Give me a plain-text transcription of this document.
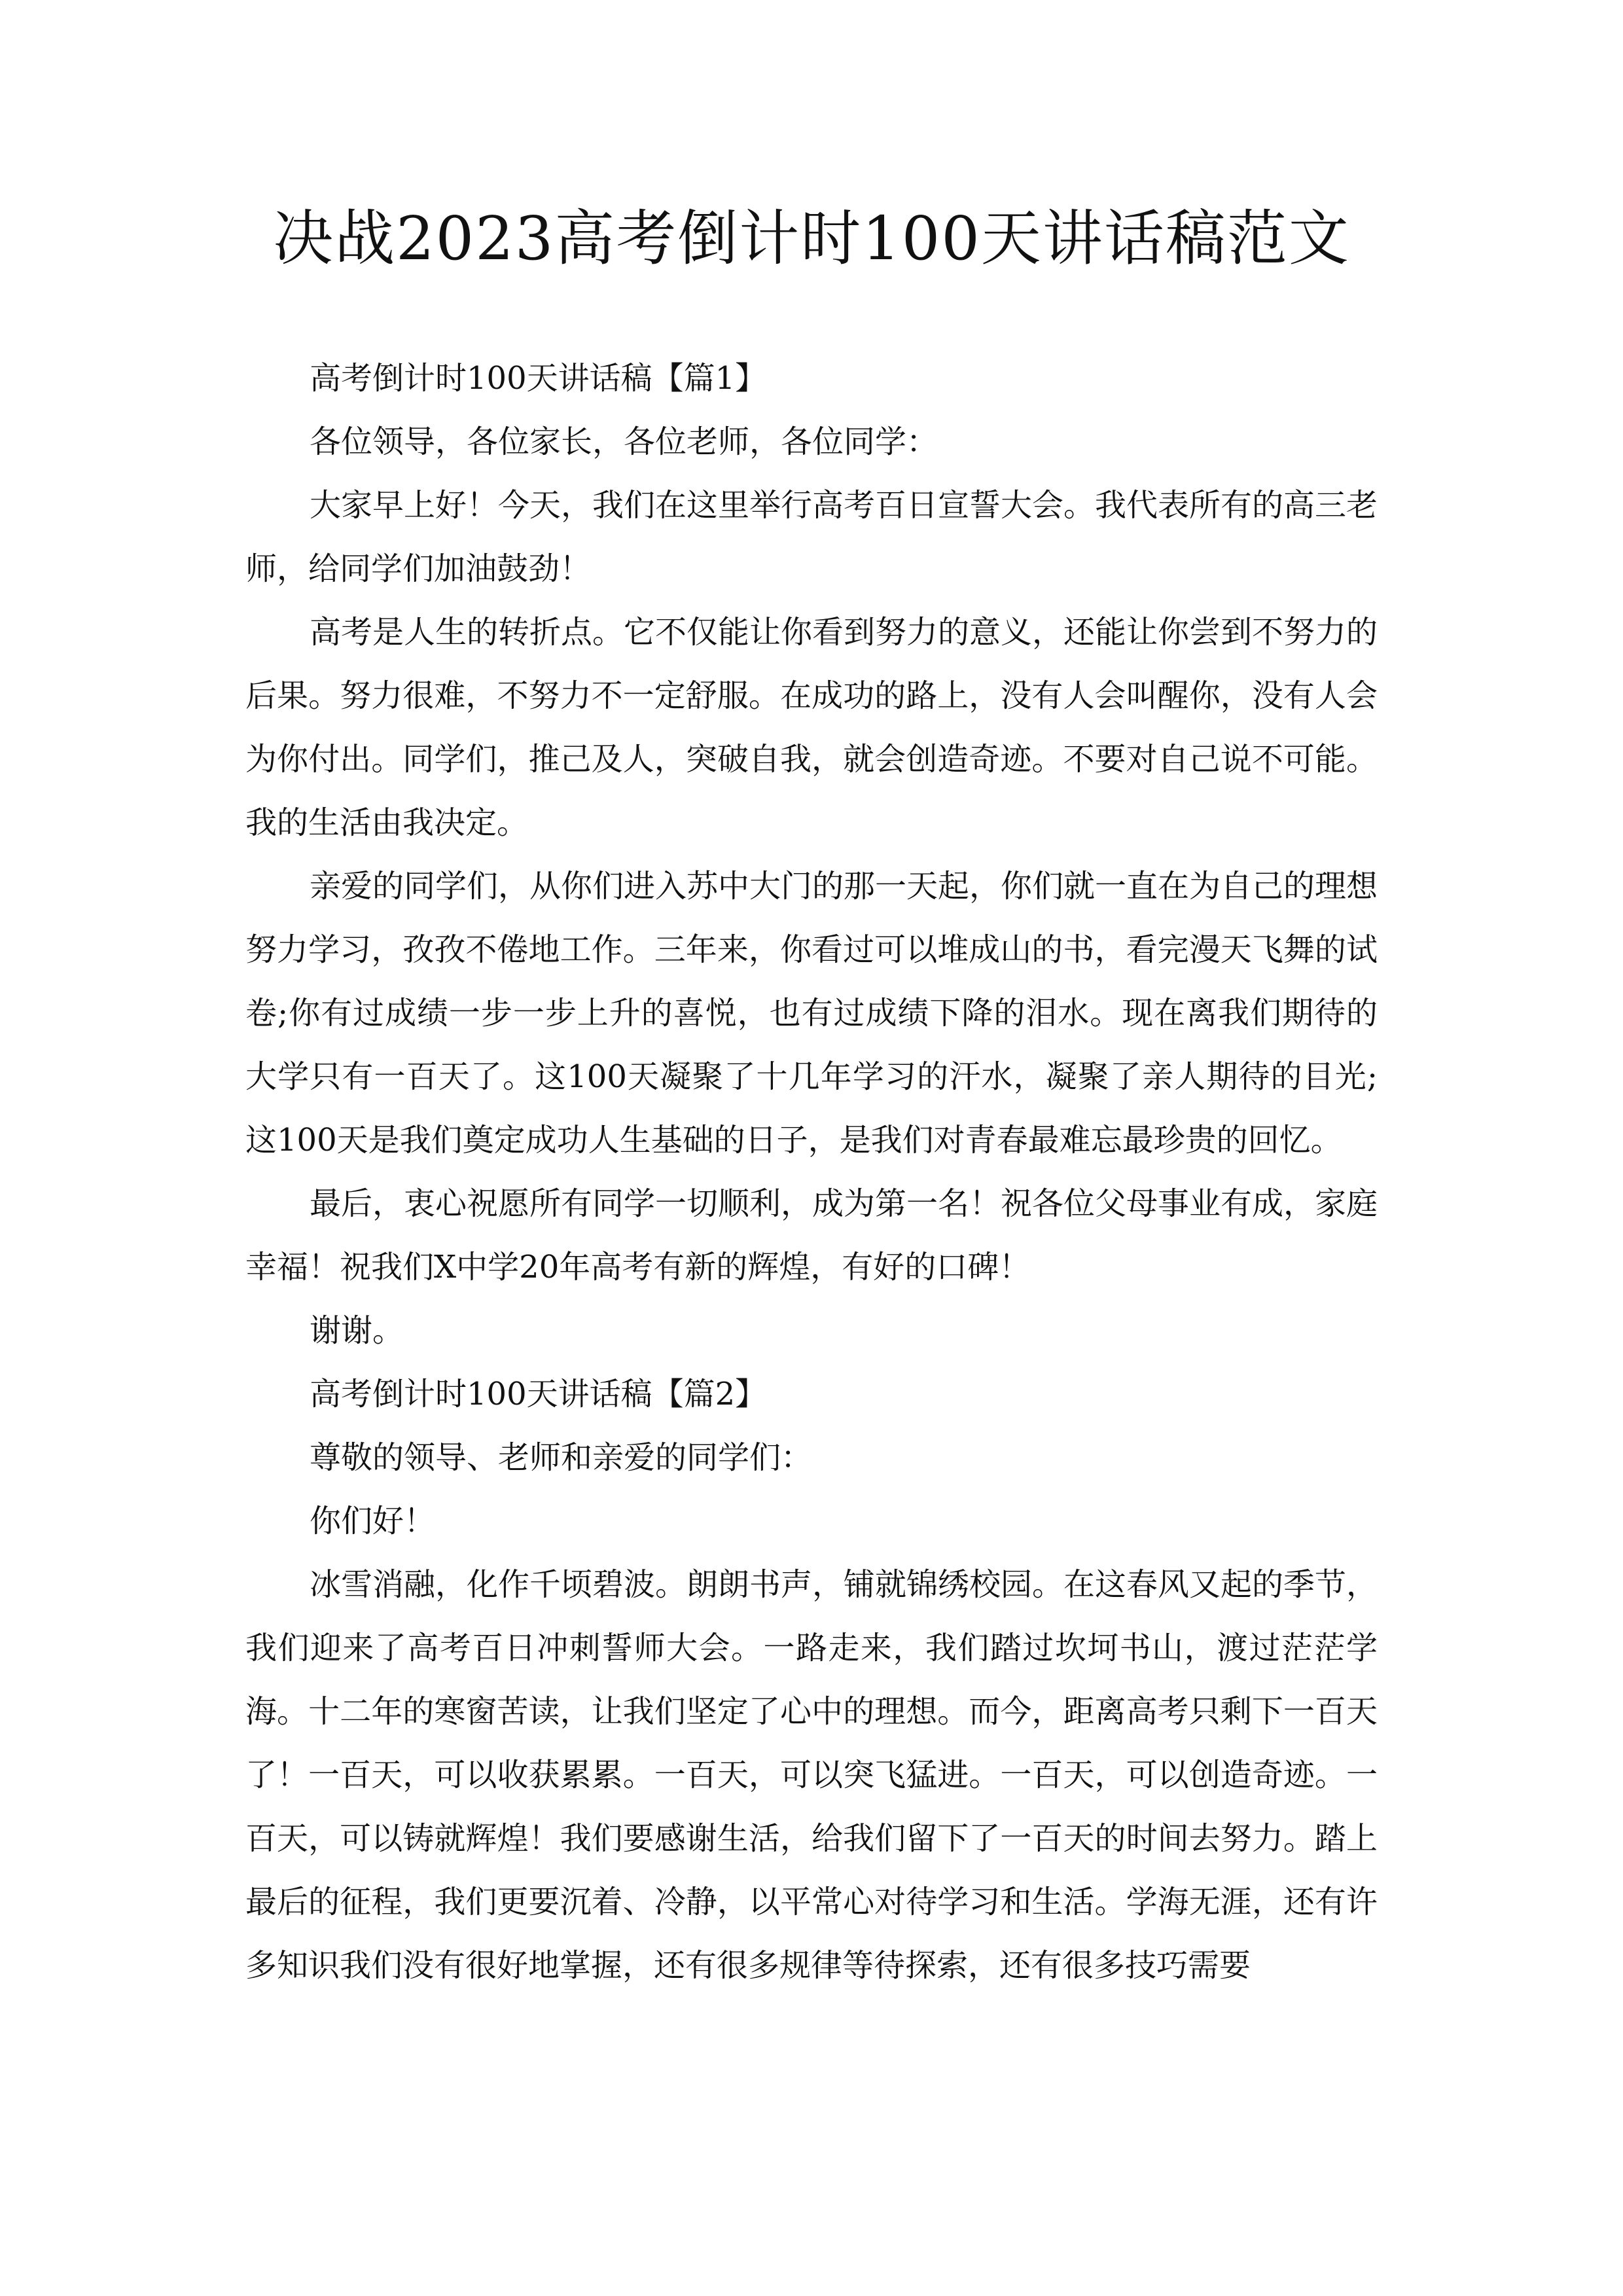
决战2023高考倒计时100天讲话稿范文

高考倒计时100天讲话稿【篇1】

各位领导，各位家长，各位老师，各位同学：

大家早上好！今天，我们在这里举行高考百日宣誓大会。我代表所有的高三老师，给同学们加油鼓劲！

高考是人生的转折点。它不仅能让你看到努力的意义，还能让你尝到不努力的后果。努力很难，不努力不一定舒服。在成功的路上，没有人会叫醒你，没有人会为你付出。同学们，推己及人，突破自我，就会创造奇迹。不要对自己说不可能。我的生活由我决定。

亲爱的同学们，从你们进入苏中大门的那一天起，你们就一直在为自己的理想努力学习，孜孜不倦地工作。三年来，你看过可以堆成山的书，看完漫天飞舞的试卷;你有过成绩一步一步上升的喜悦，也有过成绩下降的泪水。现在离我们期待的大学只有一百天了。这100天凝聚了十几年学习的汗水，凝聚了亲人期待的目光;这100天是我们奠定成功人生基础的日子，是我们对青春最难忘最珍贵的回忆。

最后，衷心祝愿所有同学一切顺利，成为第一名！祝各位父母事业有成，家庭幸福！祝我们X中学20年高考有新的辉煌，有好的口碑！

谢谢。

高考倒计时100天讲话稿【篇2】

尊敬的领导、老师和亲爱的同学们：

你们好！

冰雪消融，化作千顷碧波。朗朗书声，铺就锦绣校园。在这春风又起的季节，我们迎来了高考百日冲刺誓师大会。一路走来，我们踏过坎坷书山，渡过茫茫学海。十二年的寒窗苦读，让我们坚定了心中的理想。而今，距离高考只剩下一百天了！一百天，可以收获累累。一百天，可以突飞猛进。一百天，可以创造奇迹。一百天，可以铸就辉煌！我们要感谢生活，给我们留下了一百天的时间去努力。踏上最后的征程，我们更要沉着、冷静，以平常心对待学习和生活。学海无涯，还有许多知识我们没有很好地掌握，还有很多规律等待探索，还有很多技巧需要
